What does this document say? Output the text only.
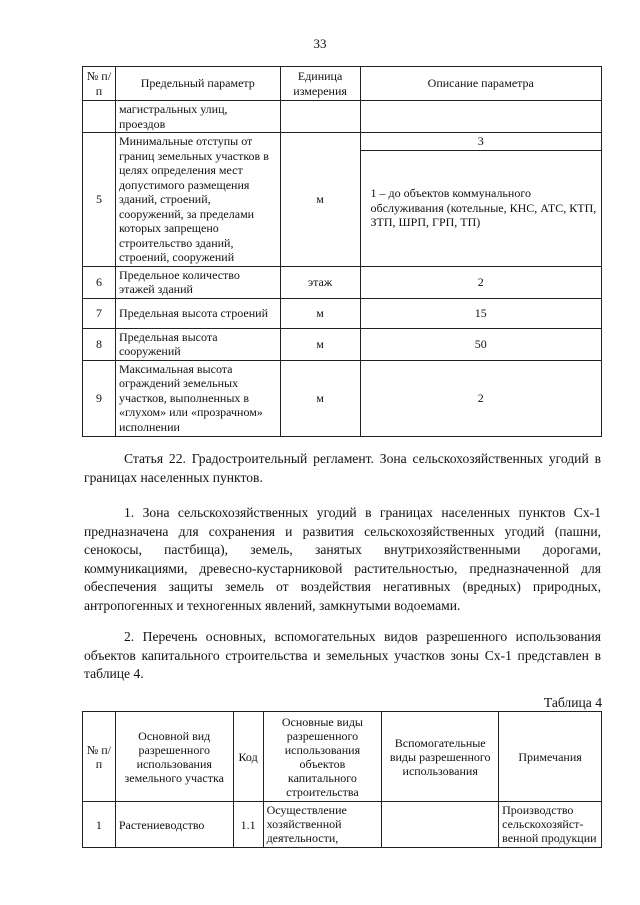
33
№ п/п	Предельный параметр	Единица измерения	Описание параметра
	магистральных улиц, проездов		
5	Минимальные отступы от границ земельных участков в целях определения мест допустимого размещения зданий, строений, сооружений, за пределами которых запрещено строительство зданий, строений, сооружений	м	3
			1 – до объектов коммунального обслуживания (котельные, КНС, АТС, КТП, ЗТП, ШРП, ГРП, ТП)
6	Предельное количество этажей зданий	этаж	2
7	Предельная высота строений	м	15
8	Предельная высота сооружений	м	50
9	Максимальная высота ограждений земельных участков, выполненных в «глухом» или «прозрачном» исполнении	м	2
Статья 22. Градостроительный регламент. Зона сельскохозяйственных угодий в границах населенных пунктов.
1. Зона сельскохозяйственных угодий в границах населенных пунктов Сх-1 предназначена для сохранения и развития сельскохозяйственных угодий (пашни, сенокосы, пастбища), земель, занятых внутрихозяйственными дорогами, коммуникациями, древесно-кустарниковой растительностью, предназначенной для обеспечения защиты земель от воздействия негативных (вредных) природных, антропогенных и техногенных явлений, замкнутыми водоемами.
2. Перечень основных, вспомогательных видов разрешенного использования объектов капитального строительства и земельных участков зоны Сх-1 представлен в таблице 4.
Таблица 4
№ п/п	Основной вид разрешенного использования земельного участка	Код	Основные виды разрешенного использования объектов капитального строительства	Вспомогательные виды разрешенного использования	Примечания
1	Растениеводство	1.1	Осуществление хозяйственной деятельности,		Производство сельскохозяйст-венной продукции
